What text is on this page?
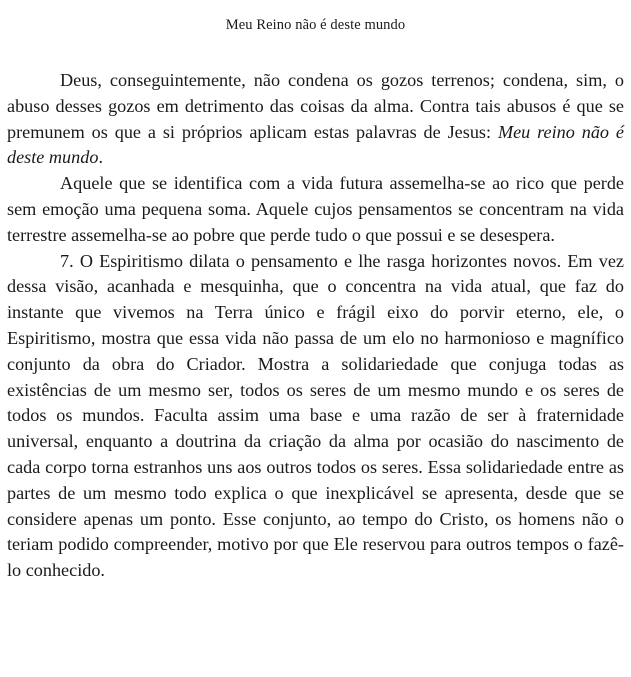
Meu Reino não é deste mundo

Deus, conseguintemente, não condena os gozos terrenos; condena, sim, o abuso desses gozos em detrimento das coisas da alma. Contra tais abusos é que se premunem os que a si próprios aplicam estas palavras de Jesus: Meu reino não é deste mundo.

Aquele que se identifica com a vida futura assemelha-se ao rico que perde sem emoção uma pequena soma. Aquele cujos pensamentos se concentram na vida terrestre assemelha-se ao pobre que perde tudo o que possui e se desespera.

7. O Espiritismo dilata o pensamento e lhe rasga horizontes novos. Em vez dessa visão, acanhada e mesquinha, que o concentra na vida atual, que faz do instante que vivemos na Terra único e frágil eixo do porvir eterno, ele, o Espiritismo, mostra que essa vida não passa de um elo no harmonioso e magnífico conjunto da obra do Criador. Mostra a solidariedade que conjuga todas as existências de um mesmo ser, todos os seres de um mesmo mundo e os seres de todos os mundos. Faculta assim uma base e uma razão de ser à fraternidade universal, enquanto a doutrina da criação da alma por ocasião do nascimento de cada corpo torna estranhos uns aos outros todos os seres. Essa solidariedade entre as partes de um mesmo todo explica o que inexplicável se apresenta, desde que se considere apenas um ponto. Esse conjunto, ao tempo do Cristo, os homens não o teriam podido compreender, motivo por que Ele reservou para outros tempos o fazê-lo conhecido.
